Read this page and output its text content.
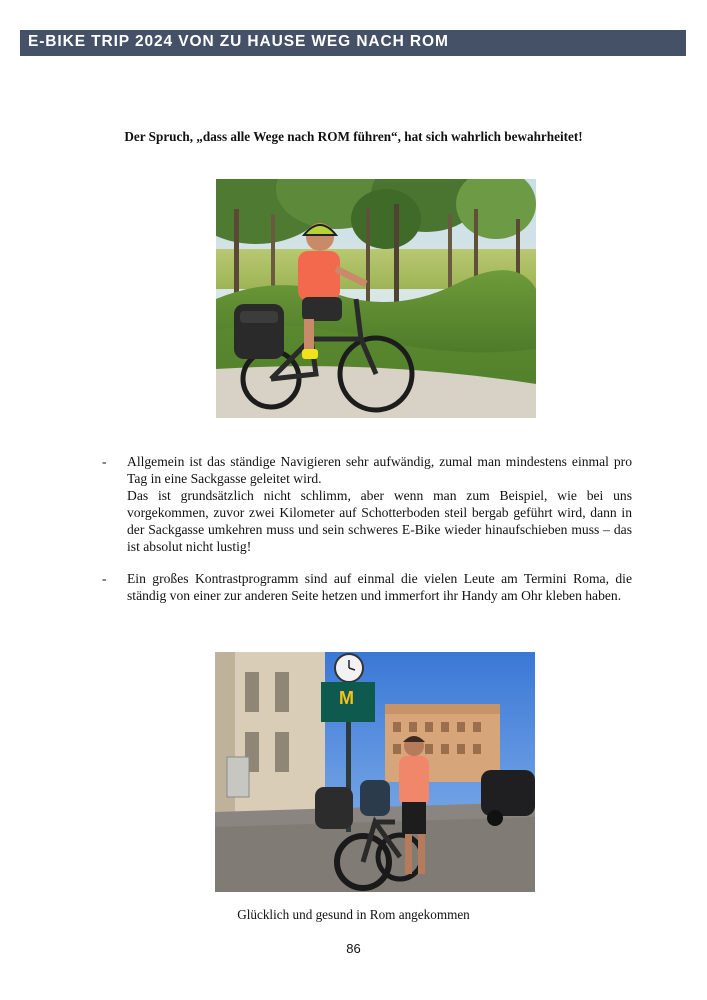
E-BIKE TRIP 2024 VON ZU HAUSE WEG NACH ROM
Der Spruch, „dass alle Wege nach ROM führen“, hat sich wahrlich bewahrheitet!
-	Allgemein ist das ständige Navigieren sehr aufwändig, zumal man mindestens einmal pro Tag in eine Sackgasse geleitet wird.

Das ist grundsätzlich nicht schlimm, aber wenn man zum Beispiel, wie bei uns vorgekommen, zuvor zwei Kilometer auf Schotterboden steil bergab geführt wird, dann in der Sackgasse umkehren muss und sein schweres E-Bike wieder hinaufschieben muss – das ist absolut nicht lustig!

-	Ein großes Kontrastprogramm sind auf einmal die vielen Leute am Termini Roma, die ständig von einer zur anderen Seite hetzen und immerfort ihr Handy am Ohr kleben haben.

M
Glücklich und gesund in Rom angekommen
86
